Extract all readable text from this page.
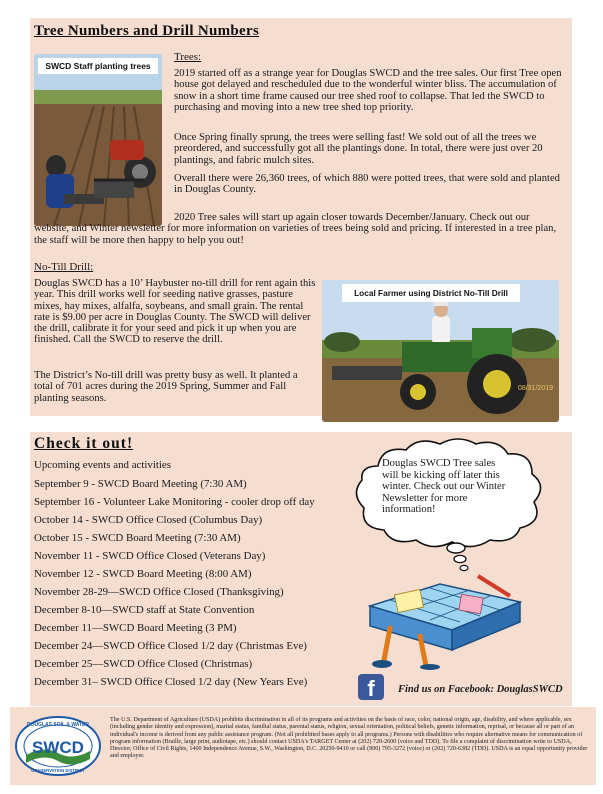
Tree Numbers and Drill Numbers
SWCD Staff planting trees
Trees:
2019 started off as a strange year for Douglas SWCD and the tree sales. Our first Tree open house got delayed and rescheduled due to the wonderful winter bliss. The accumulation of snow in a short time frame caused our tree shed roof to collapse. That led the SWCD to purchasing and moving into a new tree shed top priority.
Once Spring finally sprung, the trees were selling fast! We sold out of all the trees we preordered, and successfully got all the plantings done. In total, there were just over 20 plantings, and fabric mulch sites.
Overall there were 26,360 trees, of which 880 were potted trees, that were sold and planted in Douglas County.
2020 Tree sales will start up again closer towards December/January. Check out our website, and Winter newsletter for more information on varieties of trees being sold and pricing. If interested in a tree plan, the staff will be more then happy to help you out!
No-Till Drill:
Douglas SWCD has a 10’ Haybuster no-till drill for rent again this year. This drill works well for seeding native grasses, pasture mixes, hay mixes, alfalfa, soybeans, and small grain. The rental rate is $9.00 per acre in Douglas County. The SWCD will deliver the drill, calibrate it for your seed and pick it up when you are finished. Call the SWCD to reserve the drill.
The District’s No-till drill was pretty busy as well. It planted a total of 701 acres during the 2019 Spring, Summer and Fall planting seasons.
Local Farmer using District No-Till Drill
08/31/2019
Check it out!
Upcoming events and activities
September 9 - SWCD Board Meeting (7:30 AM)
September 16 - Volunteer Lake Monitoring - cooler drop off day
October 14 - SWCD Office Closed (Columbus Day)
October 15 - SWCD Board Meeting (7:30 AM)
November 11 - SWCD Office Closed (Veterans Day)
November 12 - SWCD Board Meeting (8:00 AM)
November 28-29—SWCD Office Closed (Thanksgiving)
December 8-10—SWCD staff at State Convention
December 11—SWCD Board Meeting (3 PM)
December 24—SWCD Office Closed 1/2 day (Christmas Eve)
December 25—SWCD Office Closed (Christmas)
December 31– SWCD Office Closed 1/2 day (New Years Eve)
Douglas SWCD Tree sales will be kicking off later this winter. Check out our Winter Newsletter for more information!
f	Find us on Facebook: DouglasSWCD
SWCD
DOUGLAS SOIL & WATER
CONSERVATION DISTRICT
The U.S. Department of Agriculture (USDA) prohibits discrimination in all of its programs and activities on the basis of race, color, national origin, age, disability, and where applicable, sex (including gender identity and expression), marital status, familial status, parental status, religion, sexual orientation, political beliefs, genetic information, reprisal, or because all or part of an individual's income is derived from any public assistance program. (Not all prohibited bases apply to all programs.) Persons with disabilities who require alternative means for communication of program information (Braille, large print, audiotape, etc.) should contact USDA's TARGET Center at (202) 720-2600 (voice and TDD). To file a complaint of discrimination write to USDA, Director, Office of Civil Rights, 1400 Independence Avenue, S.W., Washington, D.C. 20250-9410 or call (800) 795-3272 (voice) or (202) 720-6382 (TDD). USDA is an equal opportunity provider and employer.
